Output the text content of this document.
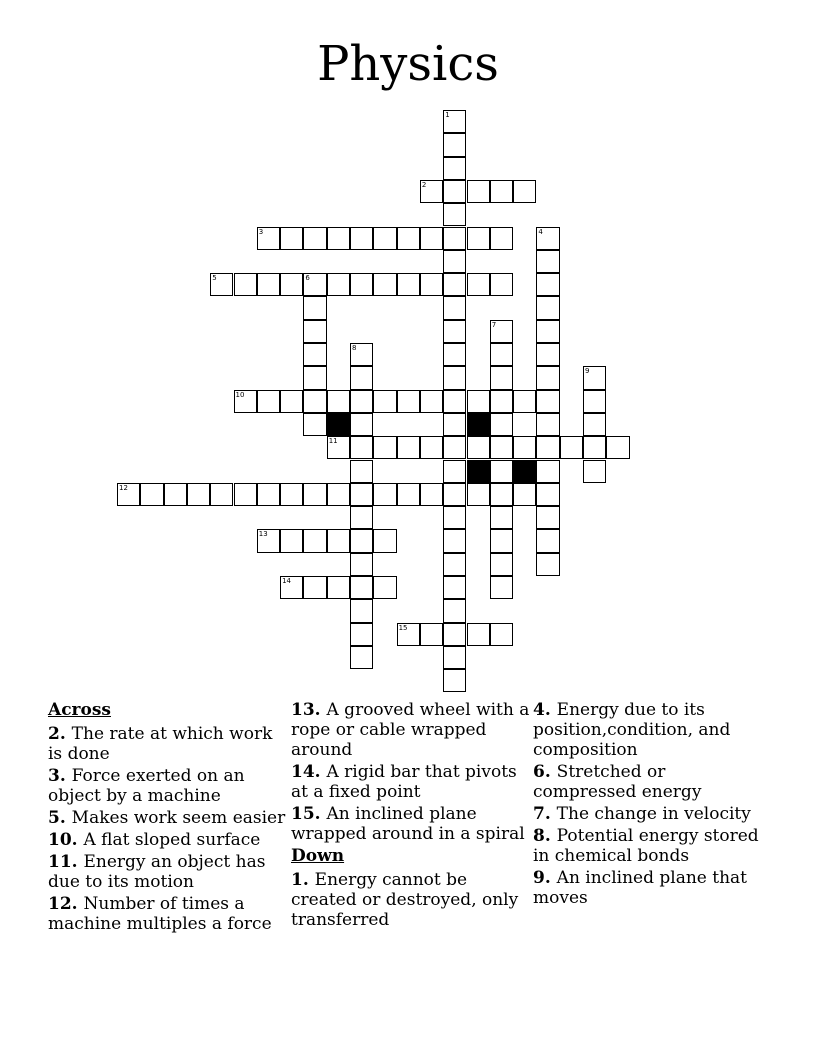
Physics
2
3
5
10
11
12
13
14
15
1
4
6
7
8
9
Across
2. The rate at which work is done
3. Force exerted on an object by a machine
5. Makes work seem easier
10. A flat sloped surface
11. Energy an object has due to its motion
12. Number of times a machine multiples a force
13. A grooved wheel with a rope or cable wrapped around
14. A rigid bar that pivots at a fixed point
15. An inclined plane wrapped around in a spiral
Down
1. Energy cannot be created or destroyed, only transferred
4. Energy due to its position,condition, and composition
6. Stretched or compressed energy
7. The change in velocity
8. Potential energy stored in chemical bonds
9. An inclined plane that moves
